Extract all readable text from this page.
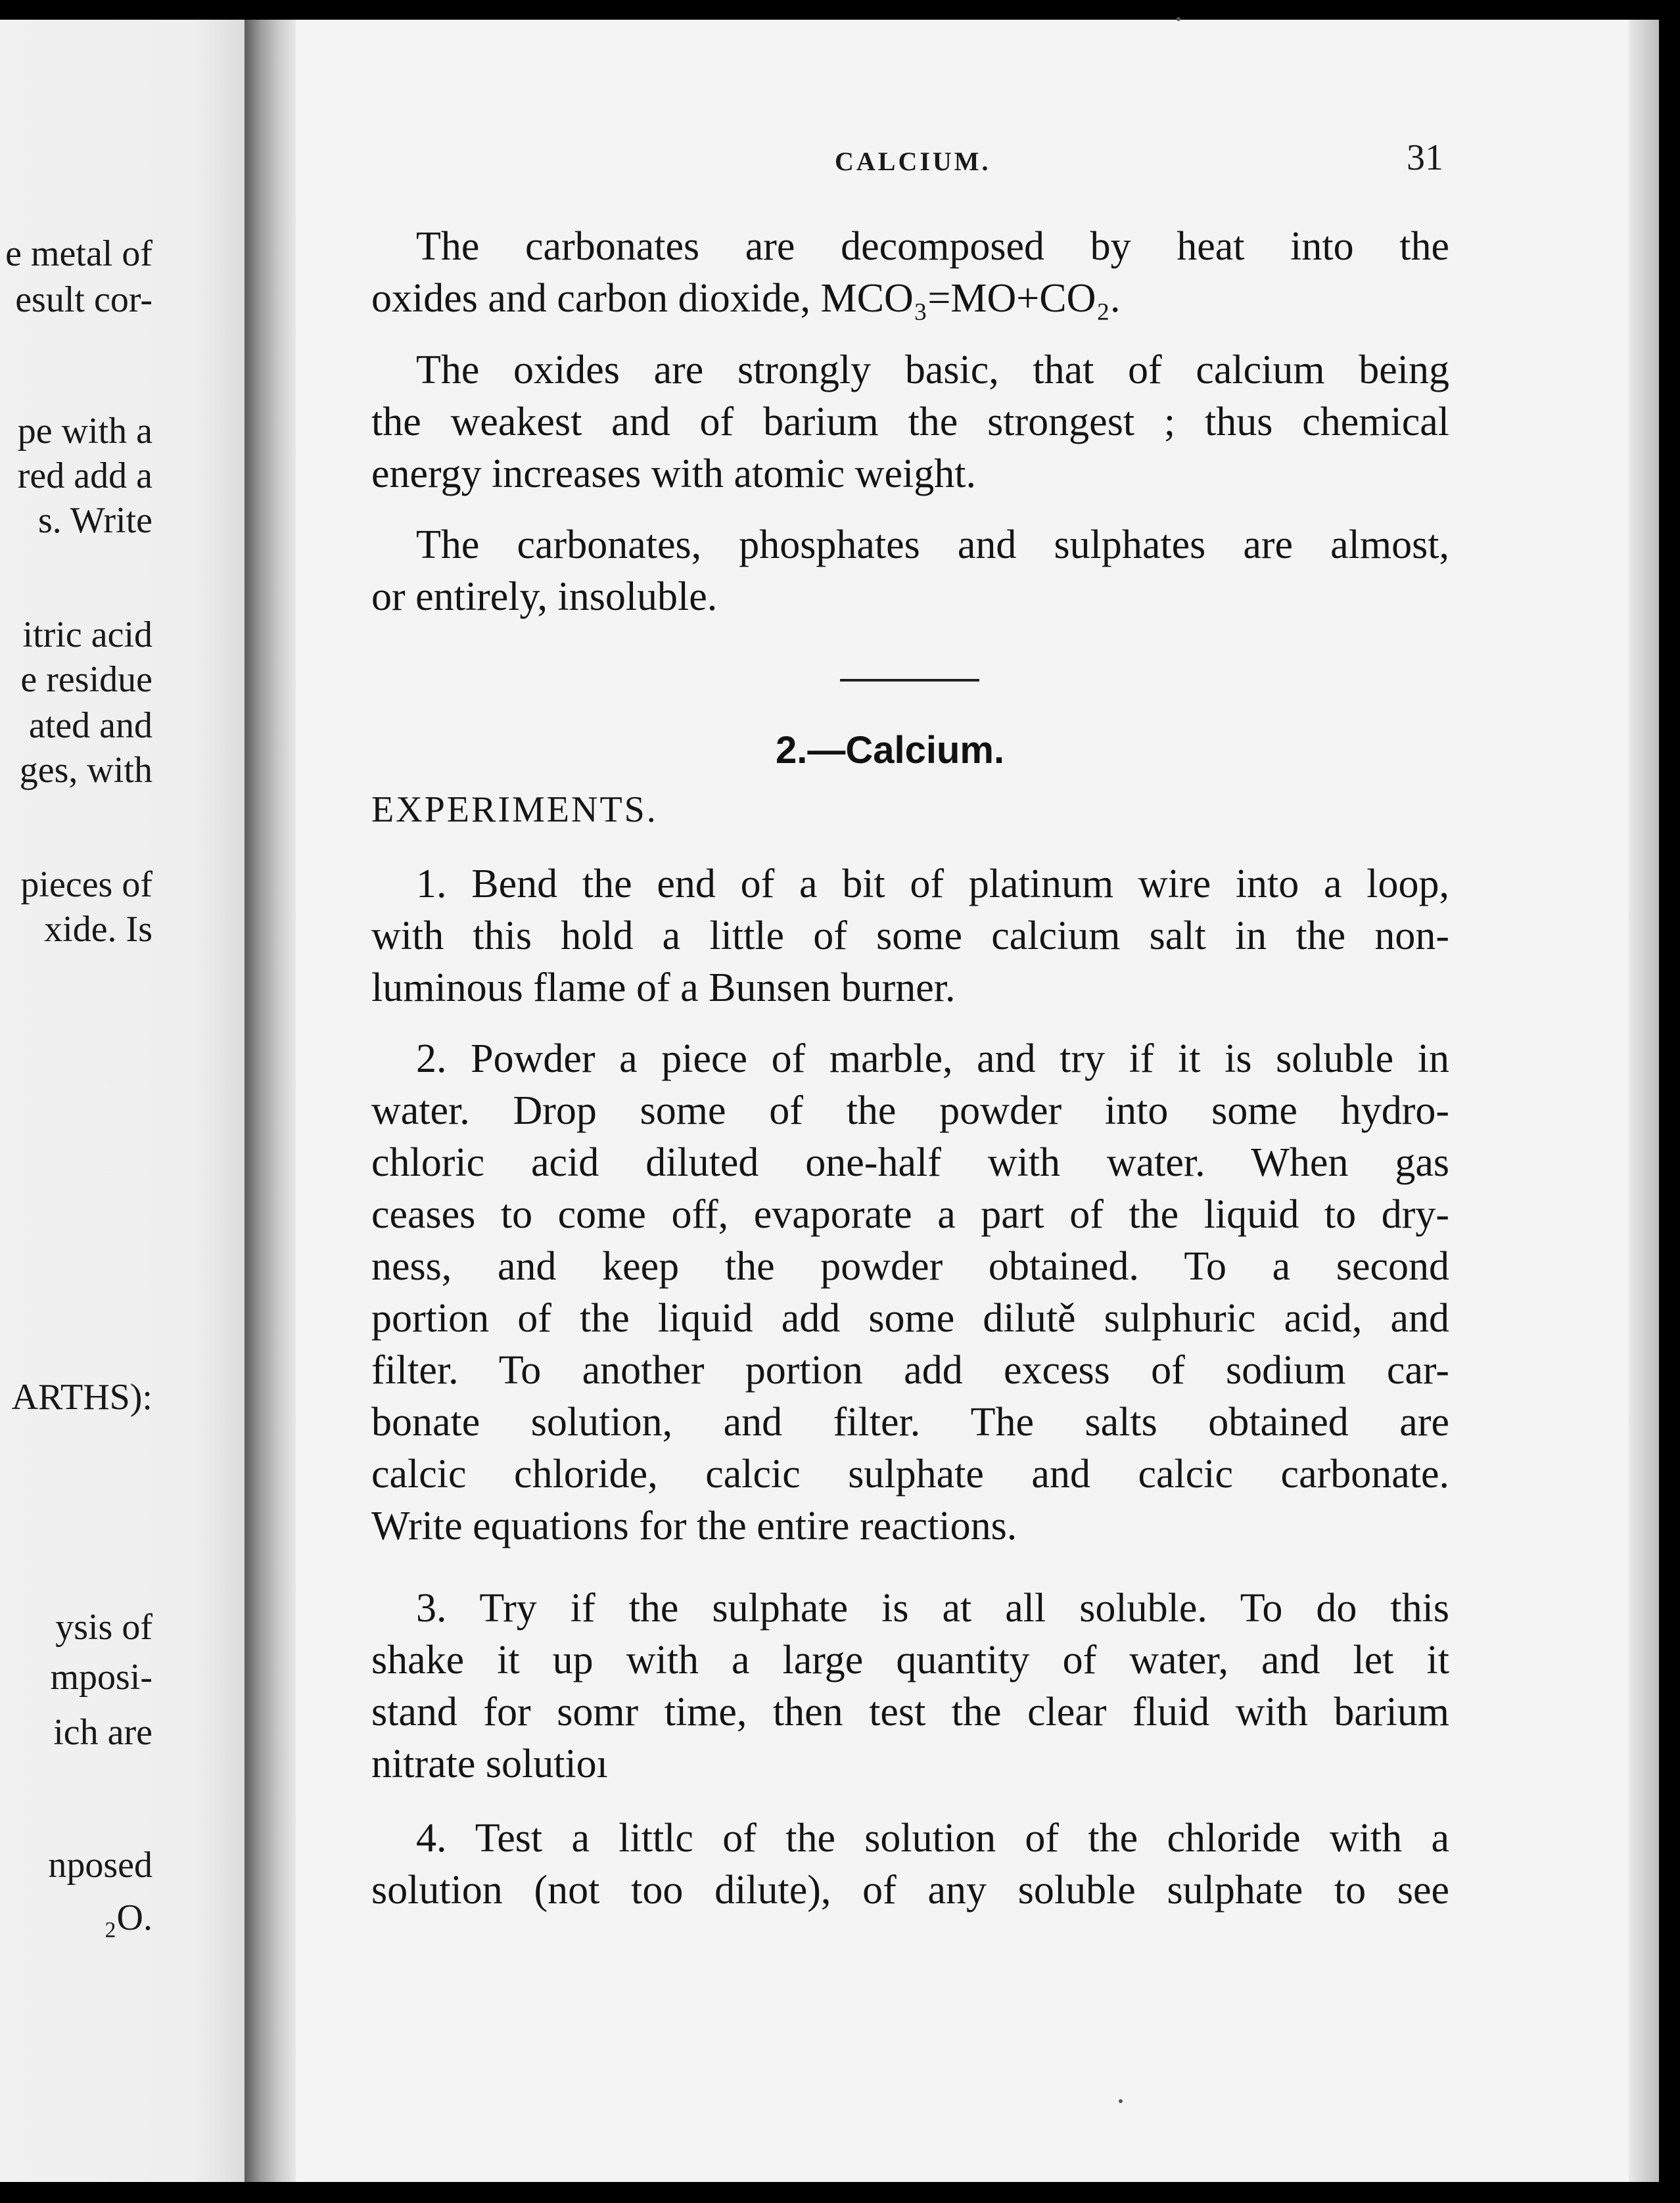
e metal of
esult cor-
pe with a
red add a
s. Write
itric acid
e residue
ated and
ges, with
pieces of
xide. Is
ARTHS):
ysis of
mposi-
ich are
nposed
₂O.
CALCIUM.	31
The carbonates are decomposed by heat into the
oxides and carbon dioxide, MCO₃=MO+CO₂.
The oxides are strongly basic, that of calcium being
the weakest and of barium the strongest ; thus chemical
energy increases with atomic weight.
The carbonates, phosphates and sulphates are almost,
or entirely, insoluble.
2.—Calcium.
EXPERIMENTS.
1. Bend the end of a bit of platinum wire into a loop,
with this hold a little of some calcium salt in the non-
luminous flame of a Bunsen burner.
2. Powder a piece of marble, and try if it is soluble in
water. Drop some of the powder into some hydro-
chloric acid diluted one-half with water. When gas
ceases to come off, evaporate a part of the liquid to dry-
ness, and keep the powder obtained. To a second
portion of the liquid add some dilutě sulphuric acid, and
filter. To another portion add excess of sodium car-
bonate solution, and filter. The salts obtained are
calcic chloride, calcic sulphate and calcic carbonate.
Write equations for the entire reactions.
3. Try if the sulphate is at all soluble. To do this
shake it up with a large quantity of water, and let it
stand for somr time, then test the clear fluid with barium
nitrate solutioı
4. Test a littlc of the solution of the chloride with a
solution (not too dilute), of any soluble sulphate to see
